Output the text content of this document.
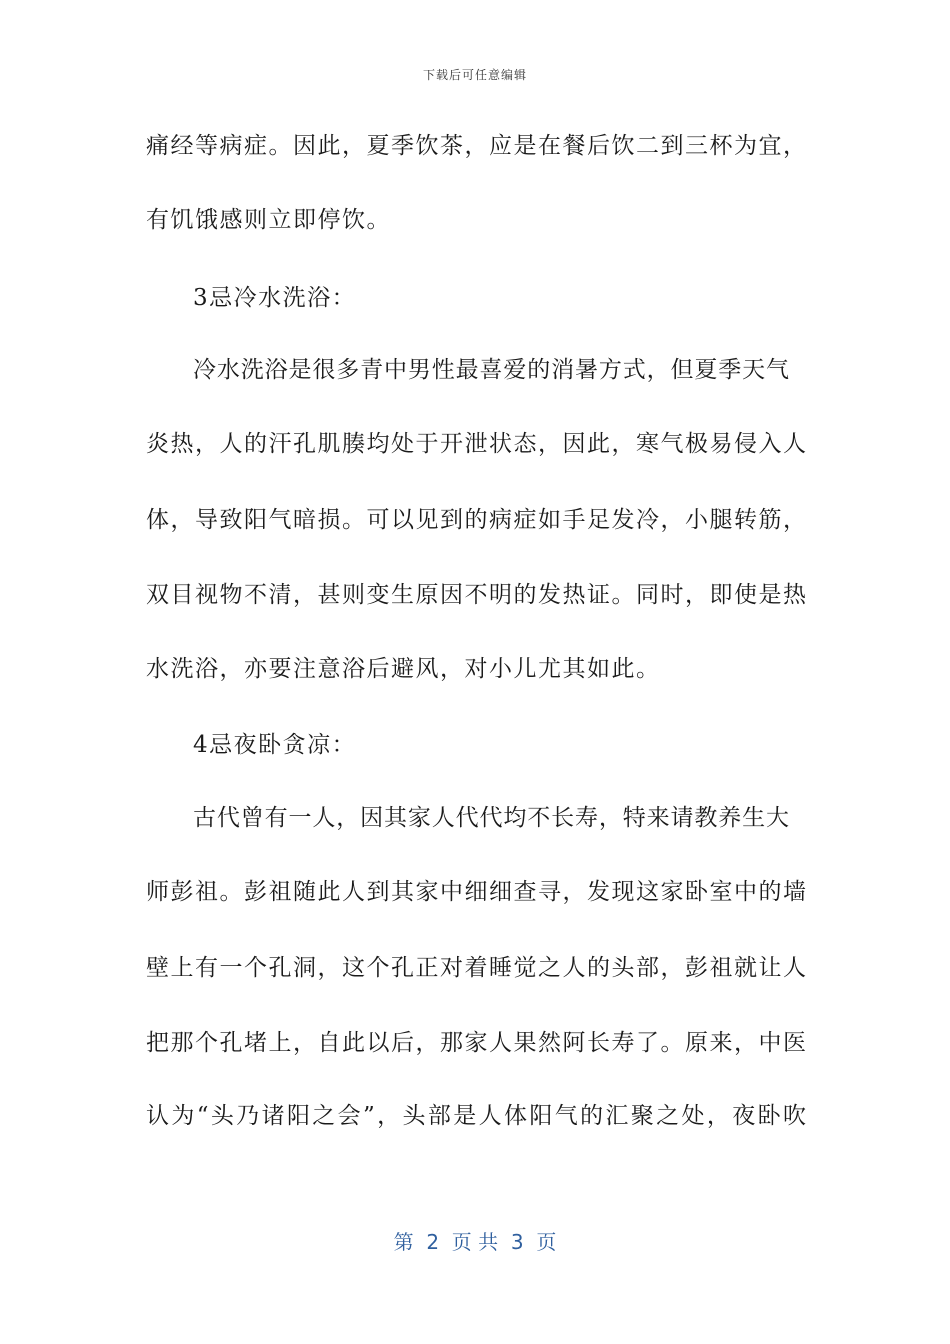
下载后可任意编辑
痛经等病症。因此，夏季饮茶，应是在餐后饮二到三杯为宜，
有饥饿感则立即停饮。
3忌冷水洗浴：
冷水洗浴是很多青中男性最喜爱的消暑方式，但夏季天气
炎热，人的汗孔肌腠均处于开泄状态，因此，寒气极易侵入人
体，导致阳气暗损。可以见到的病症如手足发冷，小腿转筋，
双目视物不清，甚则变生原因不明的发热证。同时，即使是热
水洗浴，亦要注意浴后避风，对小儿尤其如此。
4忌夜卧贪凉：
古代曾有一人，因其家人代代均不长寿，特来请教养生大
师彭祖。彭祖随此人到其家中细细查寻，发现这家卧室中的墙
壁上有一个孔洞，这个孔正对着睡觉之人的头部，彭祖就让人
把那个孔堵上，自此以后，那家人果然阿长寿了。原来，中医
认为“头乃诸阳之会”，头部是人体阳气的汇聚之处，夜卧吹
第  2  页 共  3  页
